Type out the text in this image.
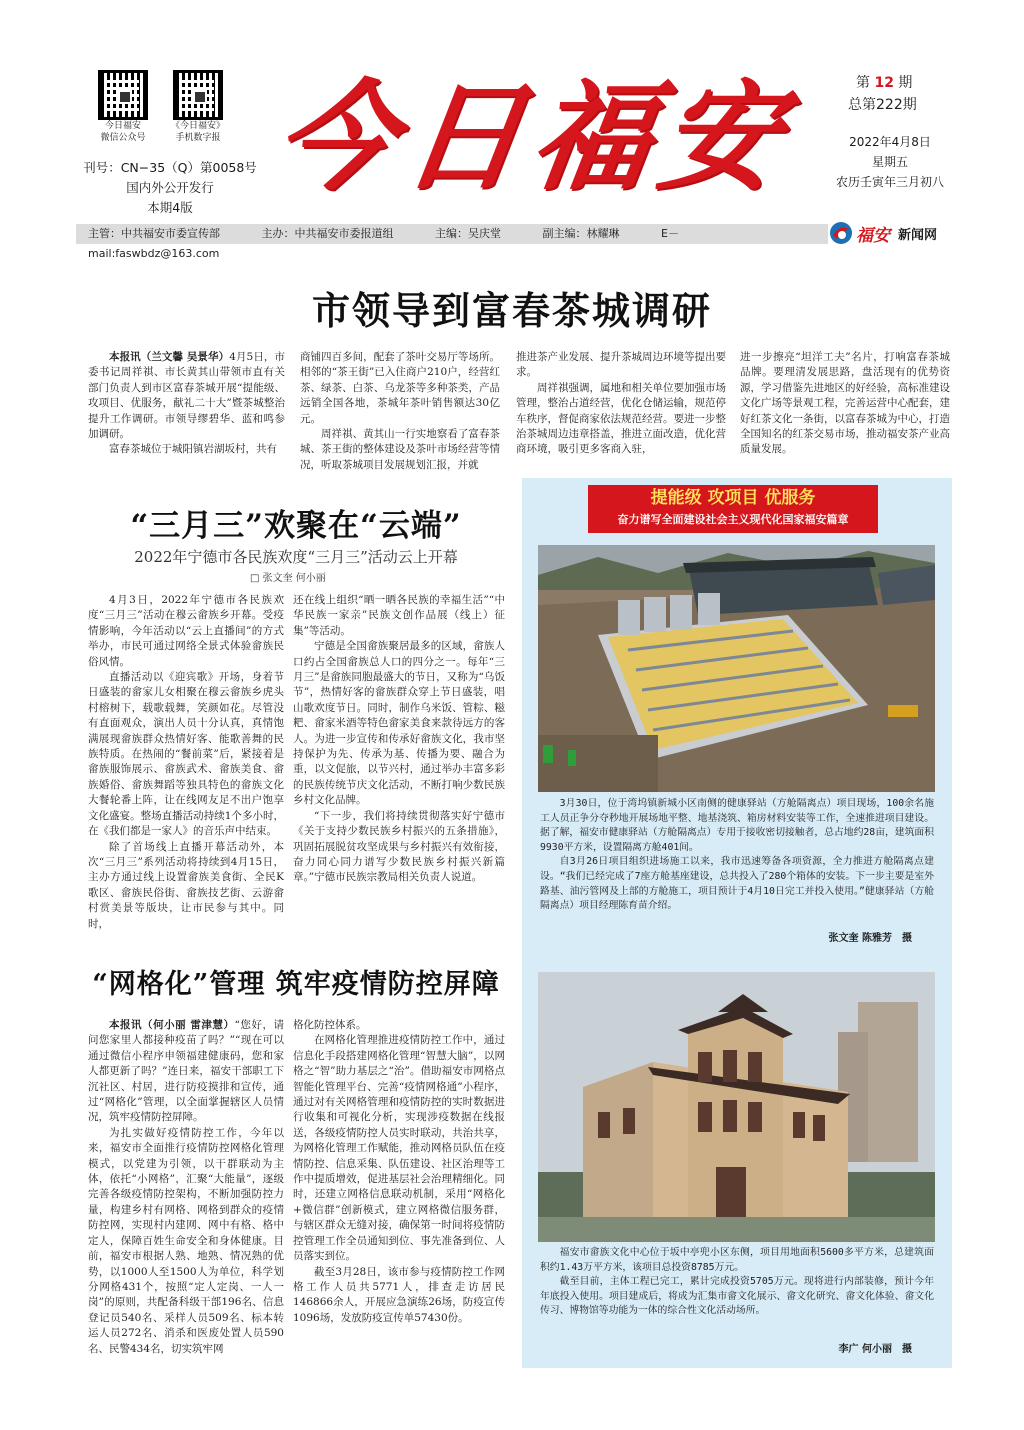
今日福安
微信公众号
《今日福安》
手机数字报
刊号：CN−35（Q）第0058号
国内外公开发行
本期4版
今日福安	第 12 期
总第222期
2022年4月8日
星期五
农历壬寅年三月初八
主管：中共福安市委宣传部	主办：中共福安市委报道组	主编：吴庆堂	副主编：林耀琳	E－mail:faswbdz@163.com
福安 新闻网
市领导到富春茶城调研

本报讯（兰文馨 吴景华）4月5日，市委书记周祥祺、市长黄其山带领市直有关部门负责人到市区富春茶城开展“提能级、攻项目、优服务，献礼二十大”暨茶城整治提升工作调研。市领导缪碧华、蓝和鸣参加调研。

富春茶城位于城阳镇岩湖坂村，共有

商铺四百多间，配套了茶叶交易厅等场所。相邻的“茶王街”已入住商户210户，经营红茶、绿茶、白茶、乌龙茶等多种茶类，产品远销全国各地，茶城年茶叶销售额达30亿元。

周祥祺、黄其山一行实地察看了富春茶城、茶王街的整体建设及茶叶市场经营等情况，听取茶城项目发展规划汇报，并就

推进茶产业发展、提升茶城周边环境等提出要求。

周祥祺强调，属地和相关单位要加强市场管理，整治占道经营，优化仓储运输，规范停车秩序，督促商家依法规范经营。要进一步整治茶城周边违章搭盖，推进立面改造，优化营商环境，吸引更多客商入驻，

进一步擦亮“坦洋工夫”名片，打响富春茶城品牌。要理清发展思路，盘活现有的优势资源，学习借鉴先进地区的好经验，高标准建设文化广场等景观工程，完善运营中心配套，建好红茶文化一条街，以富春茶城为中心，打造全国知名的红茶交易市场，推动福安茶产业高质量发展。

“三月三”欢聚在“云端”
2022年宁德市各民族欢度“三月三”活动云上开幕
□ 张文奎 何小丽

4月3日，2022年宁德市各民族欢度“三月三”活动在穆云畲族乡开幕。受疫情影响，今年活动以“云上直播间”的方式举办，市民可通过网络全景式体验畲族民俗风情。

直播活动以《迎宾歌》开场，身着节日盛装的畲家儿女相聚在穆云畲族乡虎头村榕树下，载歌载舞，笑颜如花。尽管没有直面观众，演出人员十分认真，真情饱满展现畲族群众热情好客、能歌善舞的民族特质。在热闹的“餐前菜”后，紧接着是畲族服饰展示、畲族武术、畲族美食、畲族婚俗、畲族舞蹈等独具特色的畲族文化大餐轮番上阵，让在线网友足不出户饱享文化盛宴。整场直播活动持续1个多小时，在《我们都是一家人》的音乐声中结束。

除了首场线上直播开幕活动外，本次“三月三”系列活动将持续到4月15日，主办方通过线上设置畲族美食街、全民K歌区、畲族民俗街、畲族技艺街、云游畲村赏美景等版块，让市民参与其中。同时，

还在线上组织“晒一晒各民族的幸福生活”“中华民族一家亲”民族文创作品展（线上）征集”等活动。

宁德是全国畲族聚居最多的区域，畲族人口约占全国畲族总人口的四分之一。每年“三月三”是畲族同胞最盛大的节日，又称为“乌饭节”，热情好客的畲族群众穿上节日盛装，唱山歌欢度节日。同时，制作乌米饭、管粽、糍粑、畲家米酒等特色畲家美食来款待远方的客人。为进一步宣传和传承好畲族文化，我市坚持保护为先、传承为基、传播为要、融合为重，以文促旅，以节兴村，通过举办丰富多彩的民族传统节庆文化活动，不断打响少数民族乡村文化品牌。

“下一步，我们将持续贯彻落实好宁德市《关于支持少数民族乡村振兴的五条措施》，巩固拓展脱贫攻坚成果与乡村振兴有效衔接，奋力同心同力谱写少数民族乡村振兴新篇章。”宁德市民族宗教局相关负责人说道。

“网格化”管理 筑牢疫情防控屏障

本报讯（何小丽 雷津慧）“您好，请问您家里人都接种疫苗了吗？”“现在可以通过微信小程序申领福建健康码，您和家人都更新了吗？”连日来，福安干部职工下沉社区、村居，进行防疫摸排和宣传，通过“网格化”管理，以全面掌握辖区人员情况，筑牢疫情防控屏障。

为扎实做好疫情防控工作，今年以来，福安市全面推行疫情防控网格化管理模式，以党建为引领，以干群联动为主体，依托“小网格”，汇聚“大能量”，逐级完善各级疫情防控架构，不断加强防控力量，构建乡村有网格、网格到群众的疫情防控网，实现村内建网、网中有格、格中定人，保障百姓生命安全和身体健康。目前，福安市根据人熟、地熟、情况熟的优势，以1000人至1500人为单位，科学划分网格431个，按照“定人定岗、一人一岗”的原则，共配备科级干部196名、信息登记员540名、采样人员509名、标本转运人员272名、消杀和医废处置人员590名、民警434名，切实筑牢网

格化防控体系。

在网格化管理推进疫情防控工作中，通过信息化手段搭建网格化管理“智慧大脑”，以网格之“智”助力基层之“治”。借助福安市网格点智能化管理平台、完善“疫情网格通”小程序，通过对有关网格管理和疫情防控的实时数据进行收集和可视化分析，实现涉疫数据在线报送，各级疫情防控人员实时联动，共治共享，为网格化管理工作赋能，推动网格员队伍在疫情防控、信息采集、队伍建设、社区治理等工作中提质增效，促进基层社会治理精细化。同时，还建立网格信息联动机制，采用“网格化+微信群”创新模式，建立网格微信服务群，与辖区群众无缝对接，确保第一时间将疫情防控管理工作全员通知到位、事先准备到位、人员落实到位。

截至3月28日，该市参与疫情防控工作网格工作人员共5771人，排查走访居民146866余人，开展应急演练26场，防疫宣传1096场，发放防疫宣传单57430份。

提能级 攻项目 优服务
奋力谱写全面建设社会主义现代化国家福安篇章

3月30日，位于湾坞镇新城小区南侧的健康驿站（方舱隔离点）项目现场，100余名施工人员正争分夺秒地开展场地平整、地基浇筑、箱房材料安装等工作，全速推进项目建设。据了解，福安市健康驿站（方舱隔离点）专用于接收密切接触者，总占地约28亩，建筑面积9930平方米，设置隔离方舱401间。

自3月26日项目组织进场施工以来，我市迅速筹备各项资源，全力推进方舱隔离点建设。“我们已经完成了7座方舱基座建设，总共投入了280个箱体的安装。下一步主要是室外路基、油污管网及上部的方舱施工，项目预计于4月10日完工并投入使用。”健康驿站（方舱隔离点）项目经理陈育苗介绍。

张文奎 陈雅芳　摄

福安市畲族文化中心位于坂中亭兜小区东侧，项目用地面积5600多平方米，总建筑面积约1.43万平方米，该项目总投资8785万元。

截至目前，主体工程已完工，累计完成投资5705万元。现将进行内部装修，预计今年年底投入使用。项目建成后，将成为汇集市畲文化展示、畲文化研究、畲文化体验、畲文化传习、博物馆等功能为一体的综合性文化活动场所。

李广 何小丽　摄
